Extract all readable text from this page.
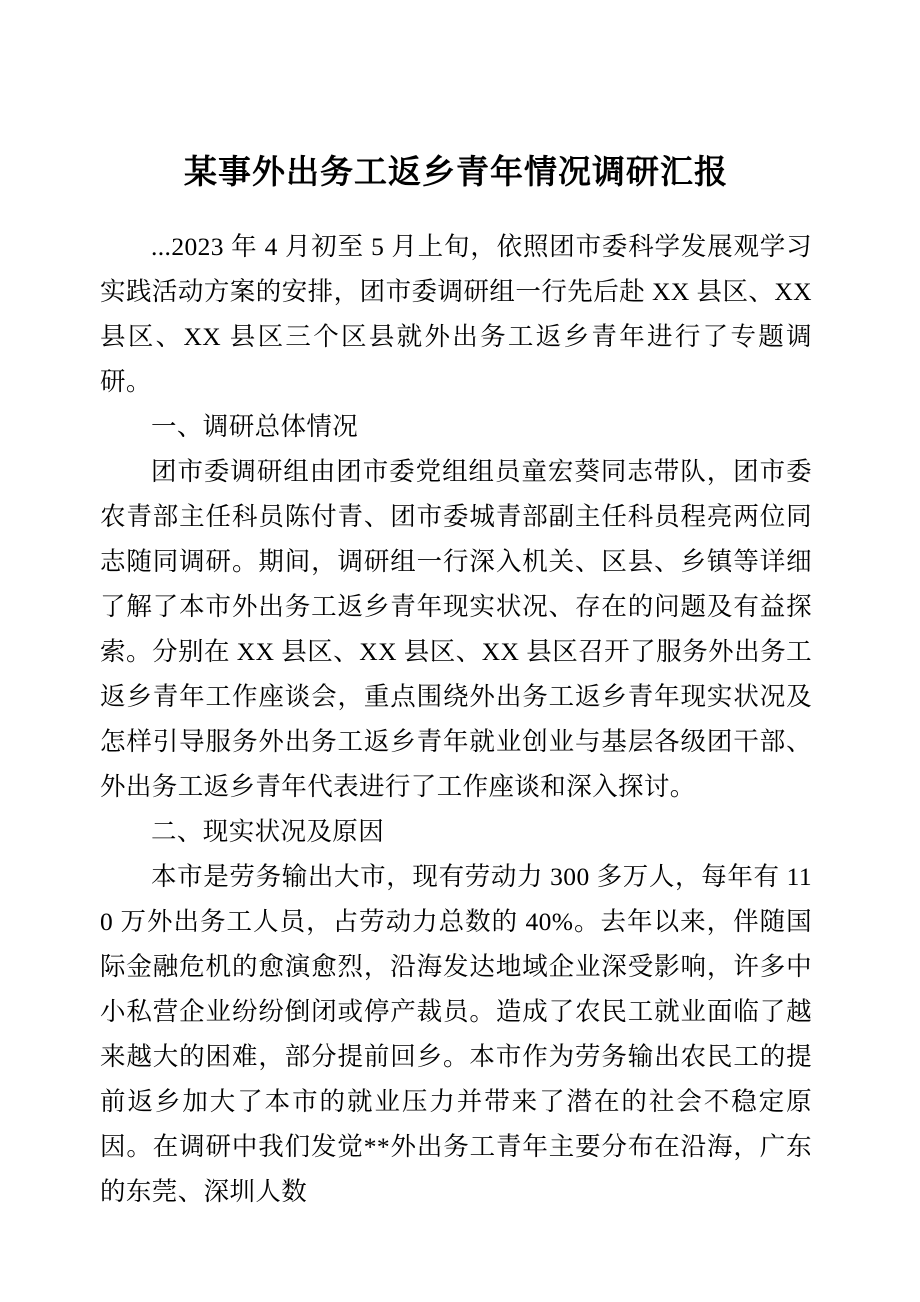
某事外出务工返乡青年情况调研汇报

...2023 年 4 月初至 5 月上旬，依照团市委科学发展观学习实践活动方案的安排，团市委调研组一行先后赴 XX 县区、XX 县区、XX 县区三个区县就外出务工返乡青年进行了专题调研。

一、调研总体情况

团市委调研组由团市委党组组员童宏葵同志带队，团市委农青部主任科员陈付青、团市委城青部副主任科员程亮两位同志随同调研。期间，调研组一行深入机关、区县、乡镇等详细了解了本市外出务工返乡青年现实状况、存在的问题及有益探索。分别在 XX 县区、XX 县区、XX 县区召开了服务外出务工返乡青年工作座谈会，重点围绕外出务工返乡青年现实状况及怎样引导服务外出务工返乡青年就业创业与基层各级团干部、外出务工返乡青年代表进行了工作座谈和深入探讨。

二、现实状况及原因

本市是劳务输出大市，现有劳动力 300 多万人，每年有 110 万外出务工人员，占劳动力总数的 40%。去年以来，伴随国际金融危机的愈演愈烈，沿海发达地域企业深受影响，许多中小私营企业纷纷倒闭或停产裁员。造成了农民工就业面临了越来越大的困难，部分提前回乡。本市作为劳务输出农民工的提前返乡加大了本市的就业压力并带来了潜在的社会不稳定原因。在调研中我们发觉**外出务工青年主要分布在沿海，广东的东莞、深圳人数
